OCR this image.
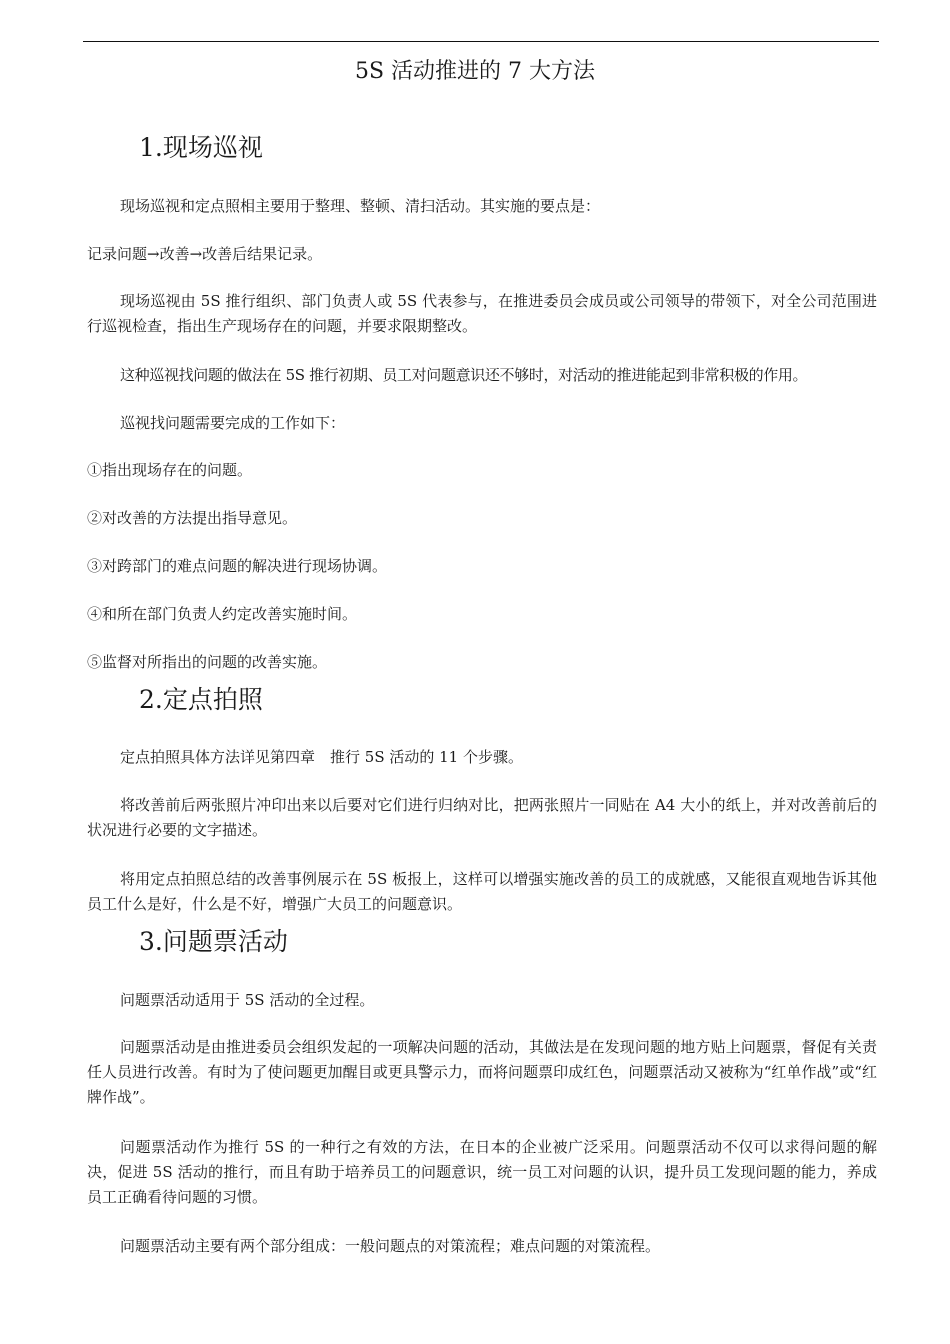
5S 活动推进的 7 大方法
1.现场巡视

现场巡视和定点照相主要用于整理、整顿、清扫活动。其实施的要点是：

记录问题→改善→改善后结果记录。

现场巡视由 5S 推行组织、部门负责人或 5S 代表参与，在推进委员会成员或公司领导的带领下，对全公司范围进行巡视检查，指出生产现场存在的问题，并要求限期整改。

这种巡视找问题的做法在 5S 推行初期、员工对问题意识还不够时，对活动的推进能起到非常积极的作用。

巡视找问题需要完成的工作如下：

①指出现场存在的问题。

②对改善的方法提出指导意见。

③对跨部门的难点问题的解决进行现场协调。

④和所在部门负责人约定改善实施时间。

⑤监督对所指出的问题的改善实施。

2.定点拍照

定点拍照具体方法详见第四章　推行 5S 活动的 11 个步骤。

将改善前后两张照片冲印出来以后要对它们进行归纳对比，把两张照片一同贴在 A4 大小的纸上，并对改善前后的状况进行必要的文字描述。

将用定点拍照总结的改善事例展示在 5S 板报上，这样可以增强实施改善的员工的成就感，又能很直观地告诉其他员工什么是好，什么是不好，增强广大员工的问题意识。

3.问题票活动

问题票活动适用于 5S 活动的全过程。

问题票活动是由推进委员会组织发起的一项解决问题的活动，其做法是在发现问题的地方贴上问题票，督促有关责任人员进行改善。有时为了使问题更加醒目或更具警示力，而将问题票印成红色，问题票活动又被称为“红单作战”或“红牌作战”。

问题票活动作为推行 5S 的一种行之有效的方法，在日本的企业被广泛采用。问题票活动不仅可以求得问题的解决，促进 5S 活动的推行，而且有助于培养员工的问题意识，统一员工对问题的认识，提升员工发现问题的能力，养成员工正确看待问题的习惯。

问题票活动主要有两个部分组成：一般问题点的对策流程；难点问题的对策流程。
